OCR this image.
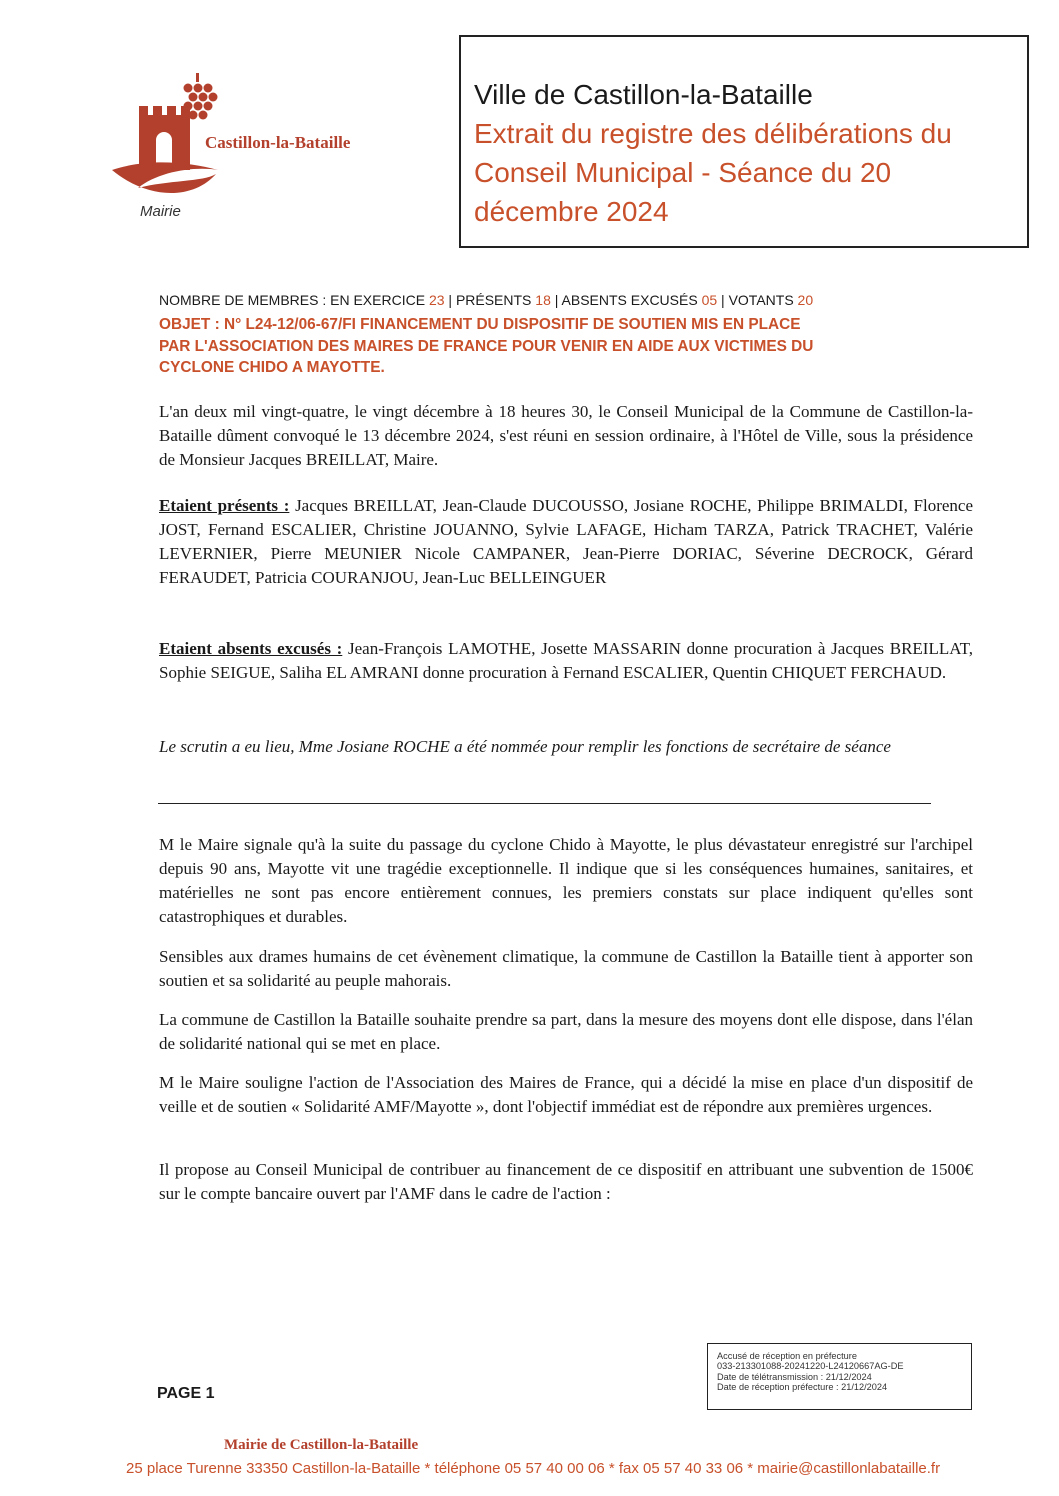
Castillon-la-Bataille
Mairie
Ville de Castillon-la-Bataille
Extrait du registre des délibérations du
Conseil Municipal - Séance du 20
décembre 2024
NOMBRE DE MEMBRES : EN EXERCICE 23 | PRÉSENTS 18 | ABSENTS EXCUSÉS 05 | VOTANTS 20
OBJET : N° L24-12/06-67/FI FINANCEMENT DU DISPOSITIF DE SOUTIEN MIS EN PLACE
PAR L'ASSOCIATION DES MAIRES DE FRANCE POUR VENIR EN AIDE AUX VICTIMES DU
CYCLONE CHIDO A MAYOTTE.
L'an deux mil vingt-quatre, le vingt décembre à 18 heures 30, le Conseil Municipal de la Commune de Castillon-la-Bataille dûment convoqué le 13 décembre 2024, s'est réuni en session ordinaire, à l'Hôtel de Ville, sous la présidence de Monsieur Jacques BREILLAT, Maire.
Etaient présents : Jacques BREILLAT, Jean-Claude DUCOUSSO, Josiane ROCHE, Philippe BRIMALDI, Florence JOST, Fernand ESCALIER, Christine JOUANNO, Sylvie LAFAGE, Hicham TARZA, Patrick TRACHET, Valérie LEVERNIER, Pierre MEUNIER Nicole CAMPANER, Jean-Pierre DORIAC, Séverine DECROCK, Gérard FERAUDET, Patricia COURANJOU, Jean-Luc BELLEINGUER
Etaient absents excusés : Jean-François LAMOTHE, Josette MASSARIN donne procuration à Jacques BREILLAT, Sophie SEIGUE, Saliha EL AMRANI donne procuration à Fernand ESCALIER, Quentin CHIQUET FERCHAUD.
Le scrutin a eu lieu, Mme Josiane ROCHE a été nommée pour remplir les fonctions de secrétaire de séance
M le Maire signale qu'à la suite du passage du cyclone Chido à Mayotte, le plus dévastateur enregistré sur l'archipel depuis 90 ans, Mayotte vit une tragédie exceptionnelle. Il indique que si les conséquences humaines, sanitaires, et matérielles ne sont pas encore entièrement connues, les premiers constats sur place indiquent qu'elles sont catastrophiques et durables.
Sensibles aux drames humains de cet évènement climatique, la commune de Castillon la Bataille tient à apporter son soutien et sa solidarité au peuple mahorais.
La commune de Castillon la Bataille souhaite prendre sa part, dans la mesure des moyens dont elle dispose, dans l'élan de solidarité national qui se met en place.
M le Maire souligne l'action de l'Association des Maires de France, qui a décidé la mise en place d'un dispositif de veille et de soutien « Solidarité AMF/Mayotte », dont l'objectif immédiat est de répondre aux premières urgences.
Il propose au Conseil Municipal de contribuer au financement de ce dispositif en attribuant une subvention de 1500€ sur le compte bancaire ouvert par l'AMF dans le cadre de l'action :
PAGE 1
Accusé de réception en préfecture
033-213301088-20241220-L24120667AG-DE
Date de télétransmission : 21/12/2024
Date de réception préfecture : 21/12/2024
Mairie de Castillon-la-Bataille
25 place Turenne 33350 Castillon-la-Bataille * téléphone 05 57 40 00 06 * fax 05 57 40 33 06 * mairie@castillonlabataille.fr
